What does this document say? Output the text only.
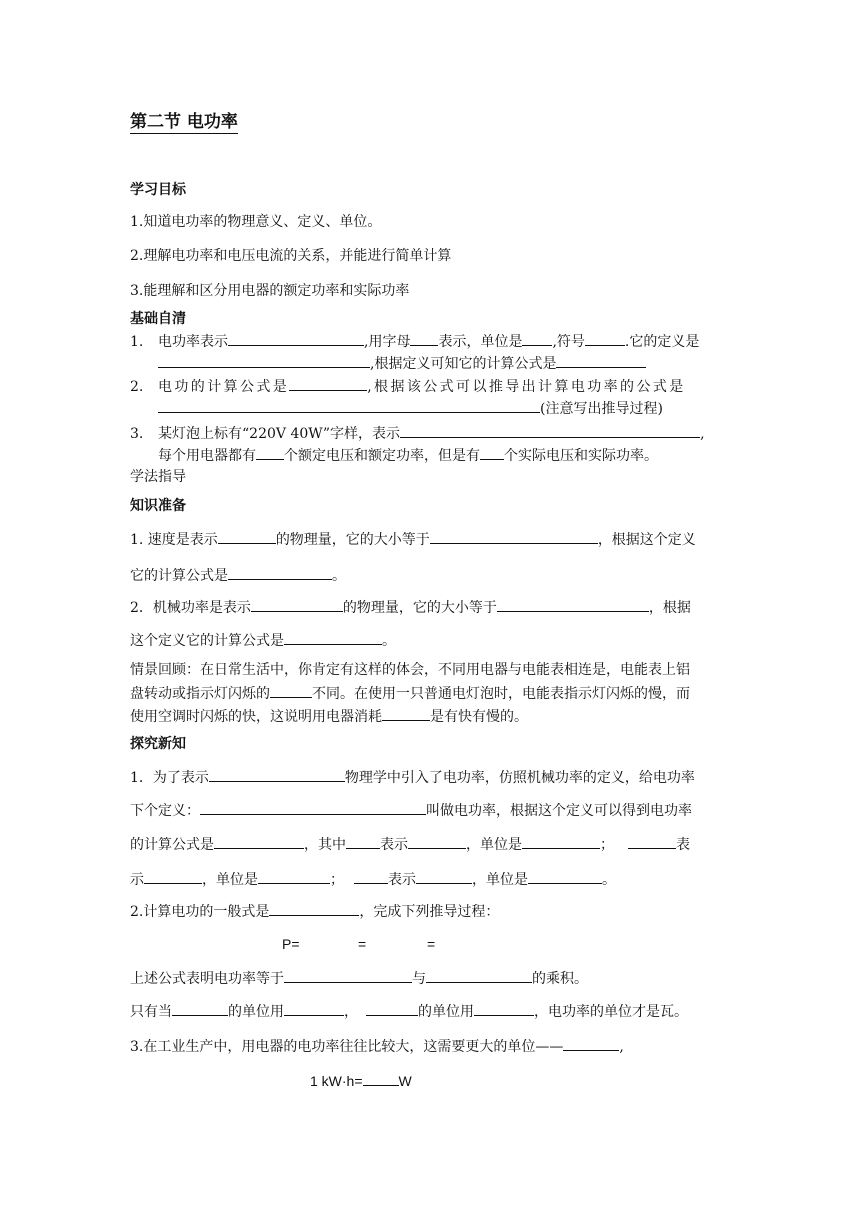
第二节 电功率
学习目标
1.知道电功率的物理意义、定义、单位。
2.理解电功率和电压电流的关系，并能进行简单计算
3.能理解和区分用电器的额定功率和实际功率
基础自清
1. 电功率表示	,用字母 表示，单位是 ,符号	.它的定义是
,根据定义可知它的计算公式是
2. 电功的计算公式是	,根据该公式可以推导出计算电功率的公式是
(注意写出推导过程)
3. 某灯泡上标有“220V 40W”字样，表示	,
每个用电器都有 个额定电压和额定功率，但是有 个实际电压和实际功率。
学法指导
知识准备
1. 速度是表示	的物理量，它的大小等于	，根据这个定义
它的计算公式是	。
2．机械功率是表示	的物理量，它的大小等于	，根据
这个定义它的计算公式是	。
情景回顾：在日常生活中，你肯定有这样的体会，不同用电器与电能表相连是，电能表上铝
盘转动或指示灯闪烁的	不同。在使用一只普通电灯泡时，电能表指示灯闪烁的慢，而
使用空调时闪烁的快，这说明用电器消耗	是有快有慢的。
探究新知
1．为了表示	物理学中引入了电功率，仿照机械功率的定义，给电功率
下个定义：	叫做电功率，根据这个定义可以得到电功率
的计算公式是	，其中 表示	，单位是	；	表
示	，单位是	；	表示	，单位是	。
2.计算电功的一般式是	，完成下列推导过程：
P=	=	=
上述公式表明电功率等于	与	的乘积。
只有当	的单位用	，	的单位用	，电功率的单位才是瓦。
3.在工业生产中，用电器的电功率往往比较大，这需要更大的单位——	,
1 kW·h=	W
